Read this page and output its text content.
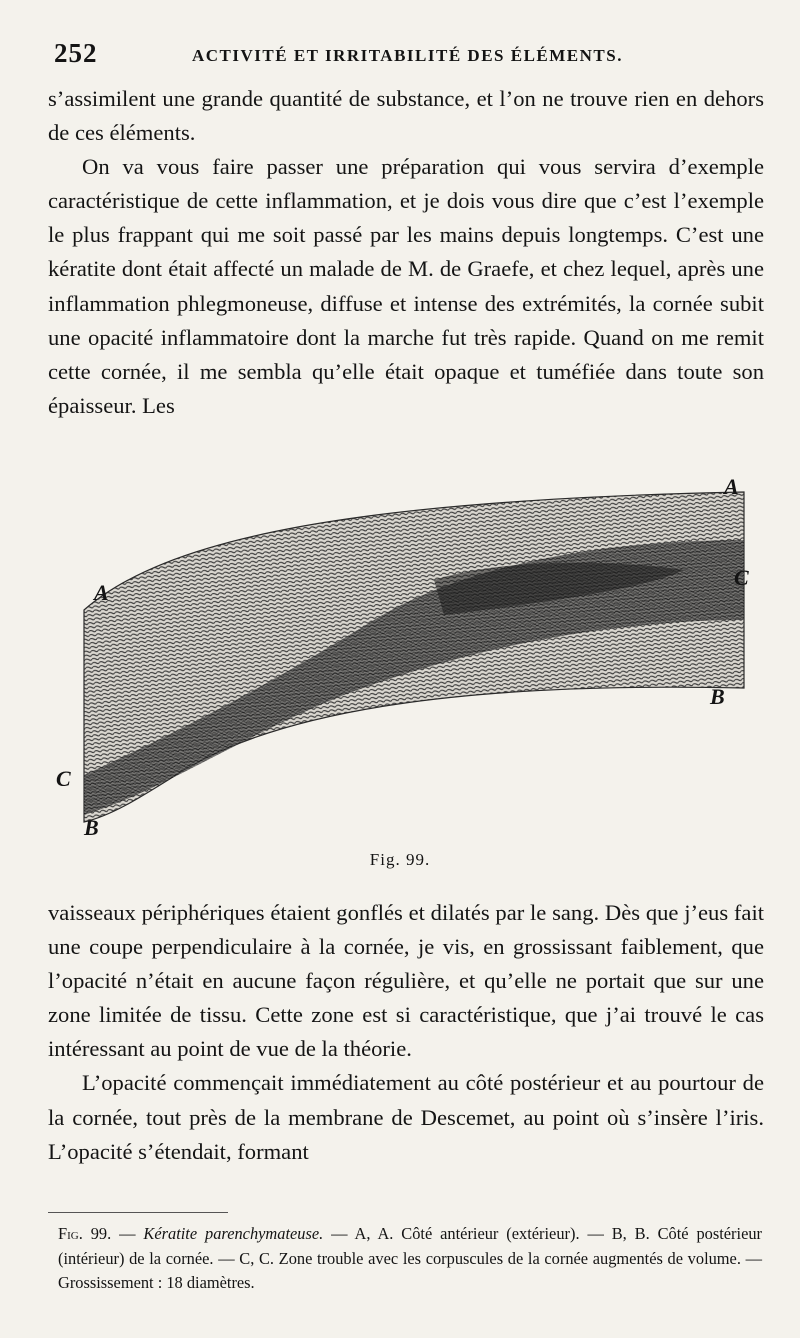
252	ACTIVITÉ ET IRRITABILITÉ DES ÉLÉMENTS.

s’assimilent une grande quantité de substance, et l’on ne trouve rien en dehors de ces éléments.

On va vous faire passer une préparation qui vous servira d’exemple caractéristique de cette inflammation, et je dois vous dire que c’est l’exemple le plus frappant qui me soit passé par les mains depuis longtemps. C’est une kératite dont était affecté un malade de M. de Graefe, et chez lequel, après une inflammation phlegmoneuse, diffuse et intense des extrémités, la cornée subit une opacité inflammatoire dont la marche fut très rapide. Quand on me remit cette cornée, il me sembla qu’elle était opaque et tuméfiée dans toute son épaisseur. Les

A
A
C
B
C
B
Fig. 99.

vaisseaux périphériques étaient gonflés et dilatés par le sang. Dès que j’eus fait une coupe perpendiculaire à la cornée, je vis, en grossissant faiblement, que l’opacité n’était en aucune façon régulière, et qu’elle ne portait que sur une zone limitée de tissu. Cette zone est si caractéristique, que j’ai trouvé le cas intéressant au point de vue de la théorie.

L’opacité commençait immédiatement au côté postérieur et au pourtour de la cornée, tout près de la membrane de Descemet, au point où s’insère l’iris. L’opacité s’étendait, formant

Fig. 99. — Kératite parenchymateuse. — A, A. Côté antérieur (extérieur). — B, B. Côté postérieur (intérieur) de la cornée. — C, C. Zone trouble avec les corpuscules de la cornée augmentés de volume. — Grossissement : 18 diamètres.
